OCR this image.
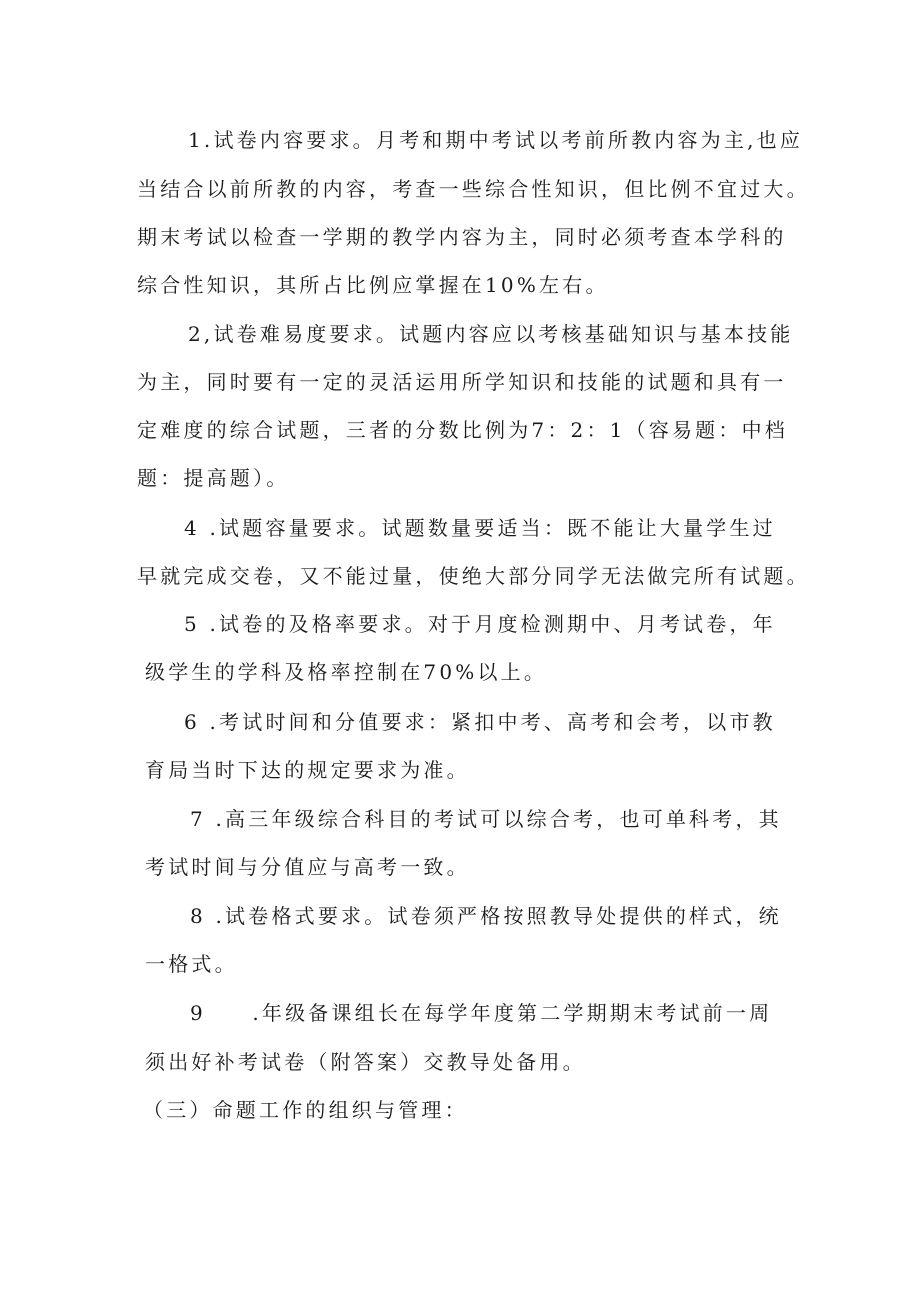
1.试卷内容要求。月考和期中考试以考前所教内容为主,也应
当结合以前所教的内容，考查一些综合性知识，但比例不宜过大。
期末考试以检查一学期的教学内容为主，同时必须考查本学科的
综合性知识，其所占比例应掌握在10%左右。
2,试卷难易度要求。试题内容应以考核基础知识与基本技能
为主，同时要有一定的灵活运用所学知识和技能的试题和具有一
定难度的综合试题，三者的分数比例为7：2：1（容易题：中档
题：提高题）。
4 .试题容量要求。试题数量要适当：既不能让大量学生过
早就完成交卷，又不能过量，使绝大部分同学无法做完所有试题。
5 .试卷的及格率要求。对于月度检测期中、月考试卷，年
级学生的学科及格率控制在70%以上。
6 .考试时间和分值要求：紧扣中考、高考和会考，以市教
育局当时下达的规定要求为准。
7 .高三年级综合科目的考试可以综合考，也可单科考，其
考试时间与分值应与高考一致。
8 .试卷格式要求。试卷须严格按照教导处提供的样式，统
一格式。
9　　.年级备课组长在每学年度第二学期期末考试前一周
须出好补考试卷（附答案）交教导处备用。
（三）命题工作的组织与管理：
